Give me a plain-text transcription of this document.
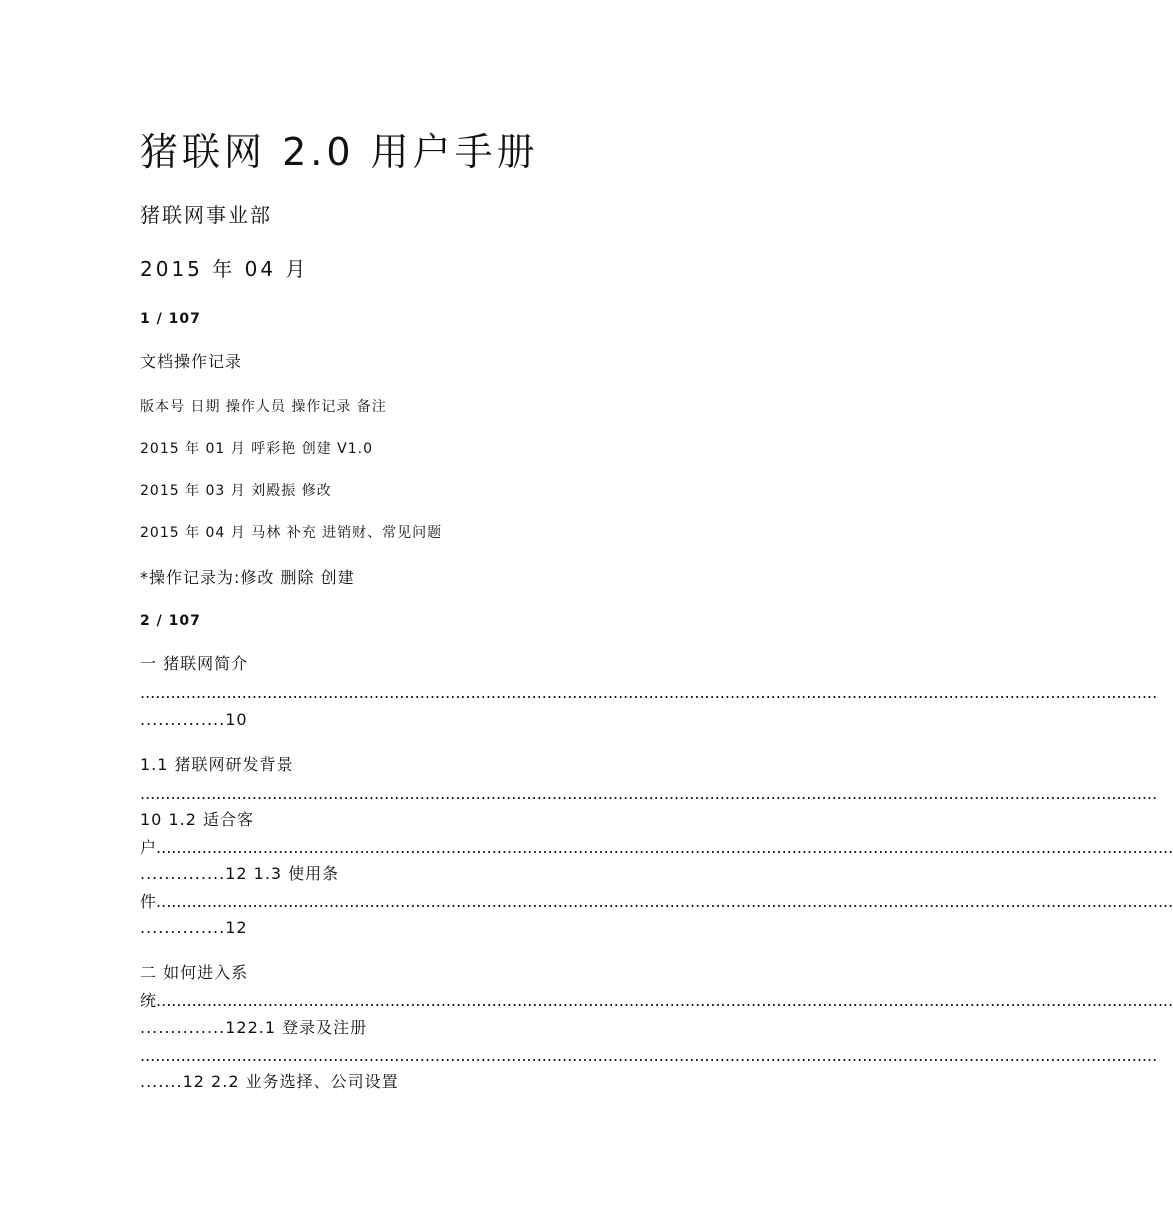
猪联网 2.0 用户手册
猪联网事业部
2015 年 04 月
1 / 107
文档操作记录
版本号 日期 操作人员 操作记录 备注
2015 年 01 月 呼彩艳 创建 V1.0
2015 年 03 月 刘殿振 修改
2015 年 04 月 马林 补充 进销财、常见问题
*操作记录为:修改 删除 创建
2 / 107
一 猪联网简介
........................................................................................................................................................................................................
..............10
1.1 猪联网研发背景
........................................................................................................................................................................................................
10 1.2 适合客
户........................................................................................................................................................................................................
..............12 1.3 使用条
件........................................................................................................................................................................................................
..............12
二 如何进入系
统........................................................................................................................................................................................................
..............122.1 登录及注册
........................................................................................................................................................................................................
.......12 2.2 业务选择、公司设置
